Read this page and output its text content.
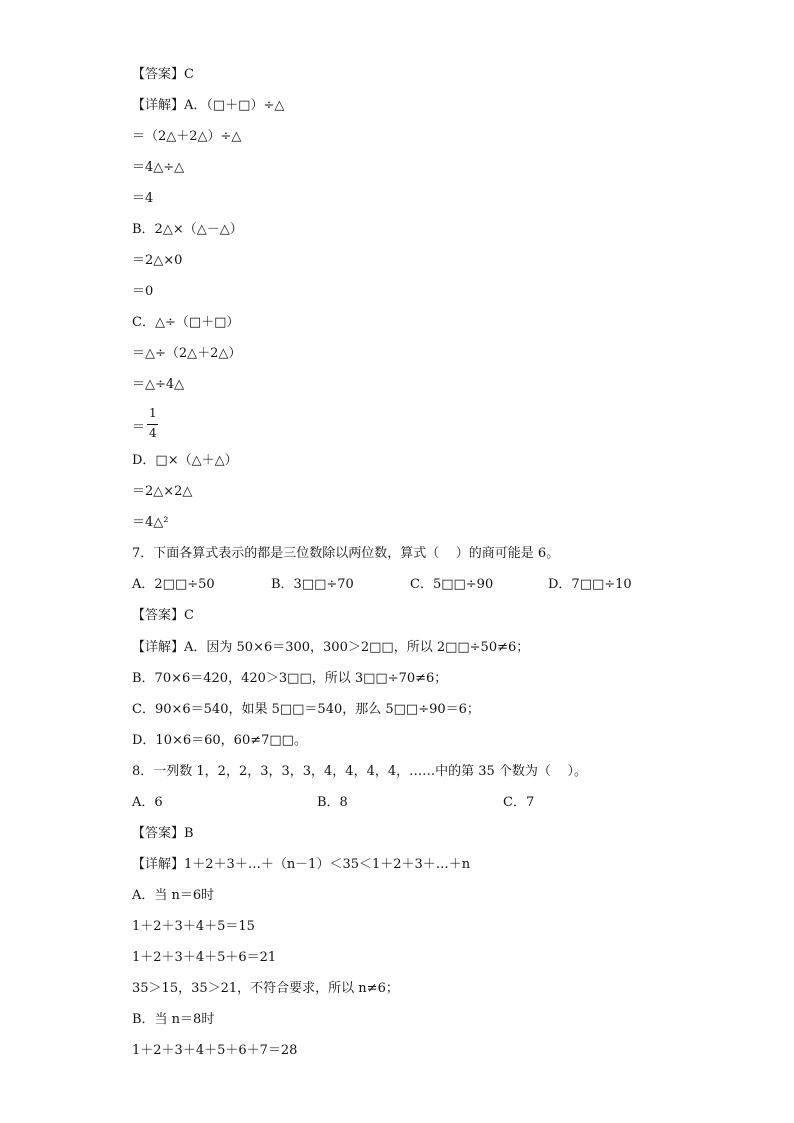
【答案】C
【详解】A．（□＋□）÷△
＝（2△＋2△）÷△
＝4△÷△
＝4
B．2△×（△－△）
＝2△×0
＝0
C．△÷（□＋□）
＝△÷（2△＋2△）
＝△÷4△
＝
1
4
D．□×（△＋△）
＝2△×2△
＝4△²
7．下面各算式表示的都是三位数除以两位数，算式（    ）的商可能是 6。
A．2□□÷50	B．3□□÷70	C．5□□÷90	D．7□□÷10
【答案】C
【详解】A．因为 50×6＝300，300＞2□□，所以 2□□÷50≠6；
B．70×6＝420，420＞3□□，所以 3□□÷70≠6；
C．90×6＝540，如果 5□□＝540，那么 5□□÷90＝6；
D．10×6＝60，60≠7□□。
8．一列数 1，2，2，3，3，3，4，4，4，4，……中的第 35 个数为（    ）。
A．6	B．8	C．7
【答案】B
【详解】1＋2＋3＋…＋（n－1）＜35＜1＋2＋3＋…＋n
A．当 n＝6时
1＋2＋3＋4＋5＝15
1＋2＋3＋4＋5＋6＝21
35＞15，35＞21，不符合要求，所以 n≠6；
B．当 n＝8时
1＋2＋3＋4＋5＋6＋7＝28
